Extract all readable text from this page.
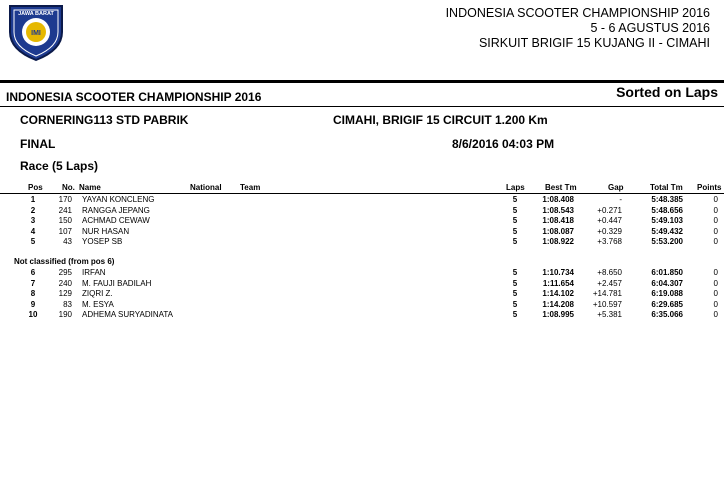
JAWA BARAT
IMI
INDONESIA SCOOTER CHAMPIONSHIP 2016
5 - 6 AGUSTUS 2016
SIRKUIT BRIGIF 15 KUJANG II - CIMAHI
INDONESIA SCOOTER CHAMPIONSHIP 2016	Sorted on Laps
CORNERING113 STD PABRIK	CIMAHI, BRIGIF 15 CIRCUIT 1.200 Km
FINAL	8/6/2016 04:03 PM
Race (5 Laps)
Pos No. Name	National Team	Laps	Best Tm	Gap	Total Tm Points
1	170 YAYAN KONCLENG	5	1:08.408	-	5:48.385	0
2	241 RANGGA JEPANG	5	1:08.543	+0.271	5:48.656	0
3	150 ACHMAD CEWAW	5	1:08.418	+0.447	5:49.103	0
4	107 NUR HASAN	5	1:08.087	+0.329	5:49.432	0
5	43 YOSEP SB	5	1:08.922	+3.768	5:53.200	0
Not classified (from pos 6)
6	295 IRFAN	5	1:10.734	+8.650	6:01.850	0
7	240 M. FAUJI BADILAH	5	1:11.654	+2.457	6:04.307	0
8	129 ZIQRI Z.	5	1:14.102	+14.781	6:19.088	0
9	83 M. ESYA	5	1:14.208	+10.597	6:29.685	0
10	190 ADHEMA SURYADINATA	5	1:08.995	+5.381	6:35.066	0
